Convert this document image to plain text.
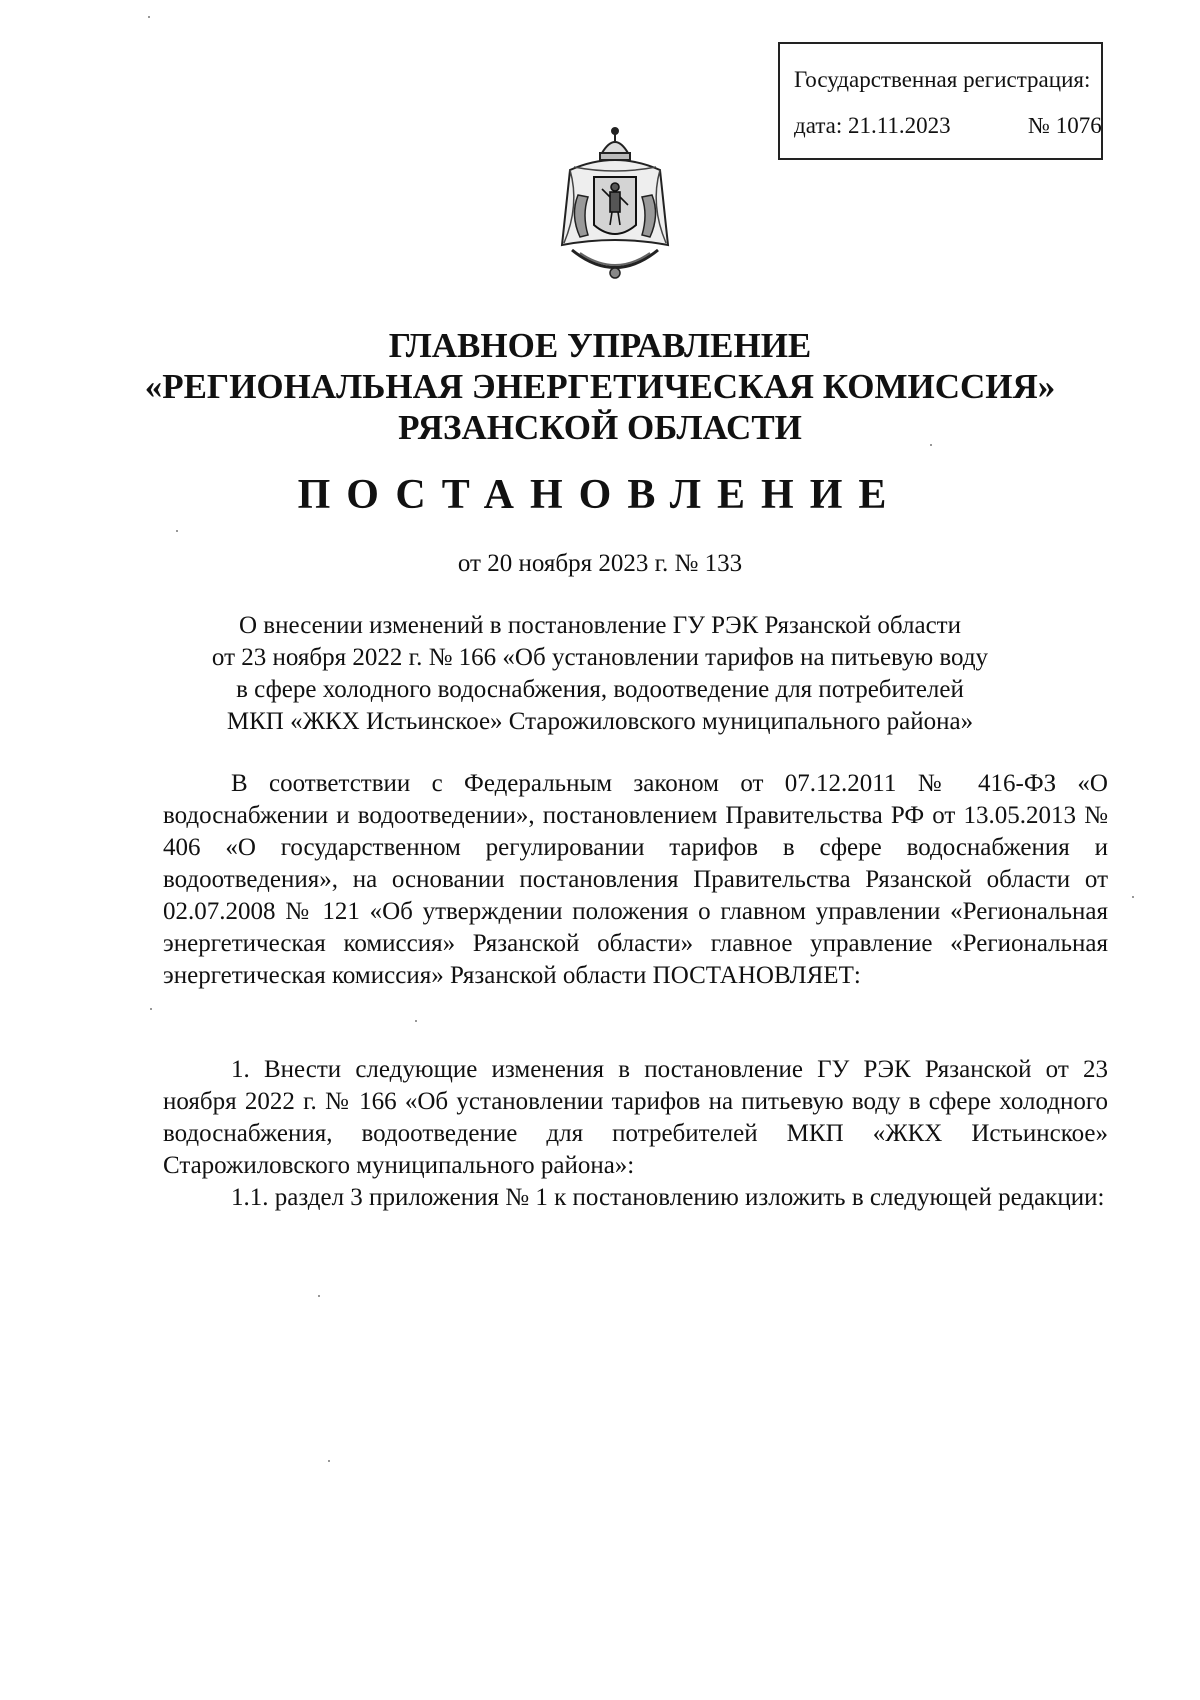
Государственная регистрация:
дата: 21.11.2023	№ 1076
ГЛАВНОЕ УПРАВЛЕНИЕ
«РЕГИОНАЛЬНАЯ ЭНЕРГЕТИЧЕСКАЯ КОМИССИЯ»
РЯЗАНСКОЙ ОБЛАСТИ
ПОСТАНОВЛЕНИЕ
от 20 ноября 2023 г. № 133
О внесении изменений в постановление ГУ РЭК Рязанской области
от 23 ноября 2022 г. № 166 «Об установлении тарифов на питьевую воду
в сфере холодного водоснабжения, водоотведение для потребителей
МКП «ЖКХ Истьинское» Старожиловского муниципального района»
В соответствии с Федеральным законом от 07.12.2011 № 416-ФЗ «О водоснабжении и водоотведении», постановлением Правительства РФ от 13.05.2013 № 406 «О государственном регулировании тарифов в сфере водоснабжения и водоотведения», на основании постановления Правительства Рязанской области от 02.07.2008 № 121 «Об утверждении положения о главном управлении «Региональная энергетическая комиссия» Рязанской области» главное управление «Региональная энергетическая комиссия» Рязанской области ПОСТАНОВЛЯЕТ:
1. Внести следующие изменения в постановление ГУ РЭК Рязанской от 23 ноября 2022 г. № 166 «Об установлении тарифов на питьевую воду в сфере холодного водоснабжения, водоотведение для потребителей МКП «ЖКХ Истьинское» Старожиловского муниципального района»:
1.1. раздел 3 приложения № 1 к постановлению изложить в следующей редакции:
